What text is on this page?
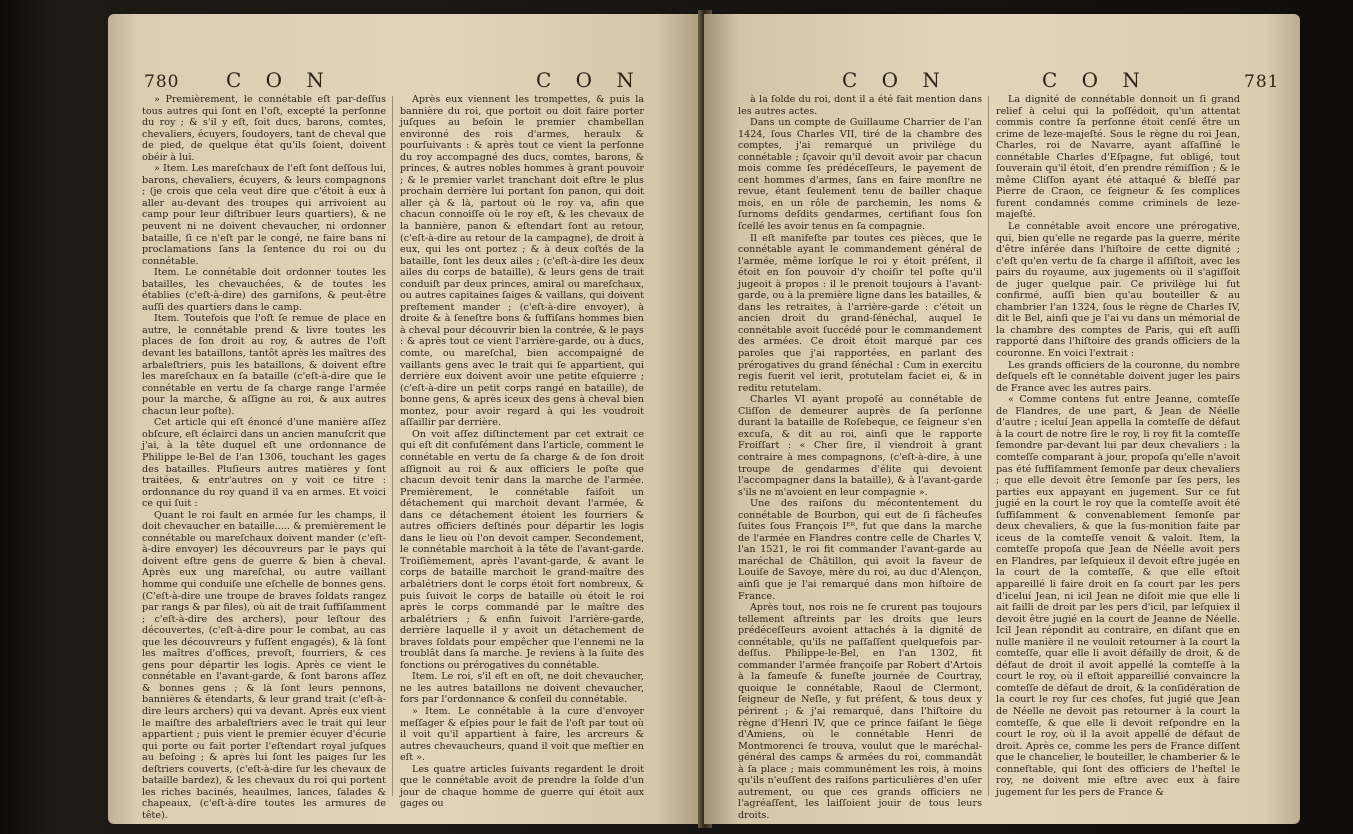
780 C O N	C O N

» Premièrement, le connétable eſt par-deſſus tous autres qui ſont en l'oſt, excepté la perſonne du roy ; & s'il y eſt, ſoit ducs, barons, comtes, chevaliers, écuyers, ſoudoyers, tant de cheval que de pied, de quelque état qu'ils ſoient, doivent obéir à lui.

» Item. Les mareſchaux de l'eſt ſont deſſous lui, barons, chevaliers, écuyers, & leurs compagnons ; (je crois que cela veut dire que c'étoit à eux à aller au-devant des troupes qui arrivoient au camp pour leur diſtribuer leurs quartiers), & ne peuvent ni ne doivent chevaucher, ni ordonner bataille, ſi ce n'eſt par le congé, ne faire bans ni proclamations ſans la ſentence du roi ou du connétable.

Item. Le connétable doit ordonner toutes les batailles, les chevauchées, & de toutes les établies (c'eſt-à-dire) des garniſons, & peut-être auſſi des quartiers dans le camp.

Item. Toutefois que l'oſt ſe remue de place en autre, le connétable prend & livre toutes les places de ſon droit au roy, & autres de l'oſt devant les bataillons, tantôt après les maîtres des arbaleſtriers, puis les bataillons, & doivent eſtre les mareſchaux en ſa bataille (c'eſt-à-dire que le connétable en vertu de ſa charge range l'armée pour la marche, & aſſigne au roi, & aux autres chacun leur poſte).

Cet article qui eſt énoncé d'une manière aſſez obſcure, eſt éclairci dans un ancien manuſcrit que j'ai, à la tête duquel eſt une ordonnance de Philippe le-Bel de l'an 1306, touchant les gages des batailles. Pluſieurs autres matières y ſont traitées, & entr'autres on y voit ce titre : ordonnance du roy quand il va en armes. Et voici ce qui ſuit :

Quant le roi fault en armée ſur les champs, il doit chevaucher en bataille..... & premièrement le connétable ou mareſchaux doivent mander (c'eſt-à-dire envoyer) les découvreurs par le pays qui doivent eſtre gens de guerre & bien à cheval. Après eux ung mareſchal, ou autre vaillant homme qui conduiſe une eſchelle de bonnes gens. (C'eſt-à-dire une troupe de braves ſoldats rangez par rangs & par files), où ait de trait ſuffiſamment ; c'eſt-à-dire des archers), pour leſtour des découvertes, (c'eſt-à-dire pour le combat, au cas que les découvreurs y fuſſent engagés), & là ſont les maîtres d'offices, prevoſt, fourriers, & ces gens pour départir les logis. Après ce vient le connétable en l'avant-garde, & ſont barons aſſez & bonnes gens ; & là ſont leurs pennons, bannières & étendarts, & leur grand trait (c'eſt-à-dire leurs archers) qui va devant. Après eux vient le maiſtre des arbaleſtriers avec le trait qui leur appartient ; puis vient le premier écuyer d'écurie qui porte ou fait porter l'eſtendart royal juſques au beſoing ; & après lui ſont les paiges ſur les deſtriers couverts, (c'eſt-à-dire ſur les chevaux de bataille bardez), & les chevaux du roi qui portent les riches bacinés, heaulmes, lances, ſalades & chapeaux, (c'eſt-à-dire toutes les armures de tête).

Après eux viennent les trompettes, & puis la bannière du roi, que portoit ou doit faire porter juſques au beſoin le premier chambellan environné des rois d'armes, heraulx & pourſuivants : & après tout ce vient la perſonne du roy accompagné des ducs, comtes, barons, & princes, & autres nobles hommes à grant pouvoir ; & le premier varlet tranchant doit eſtre le plus prochain derrière lui portant ſon panon, qui doit aller çà & là, partout où le roy va, afin que chacun connoiſſe où le roy eſt, & les chevaux de la bannière, panon & eſtendart ſont au retour, (c'eſt-à-dire au retour de la campagne), de droit à eux, qui les ont portez ; & à deux coſtés de la bataille, ſont les deux ailes ; (c'eſt-à-dire les deux ailes du corps de bataille), & leurs gens de trait conduiſt par deux princes, amiral ou mareſchaux, ou autres capitaines ſaiges & vaillans, qui doivent preſtement mander ; (c'eſt-à-dire envoyer), à droite & à ſeneſtre bons & ſuffiſans hommes bien à cheval pour découvrir bien la contrée, & le pays : & après tout ce vient l'arrière-garde, ou à ducs, comte, ou mareſchal, bien accompaigné de vaillants gens avec le trait qui ſe appartient, qui derrière eux doivent avoir une petite eſquierre ; (c'eſt-à-dire un petit corps rangé en bataille), de bonne gens, & après iceux des gens à cheval bien montez, pour avoir regard à qui les voudroit aſſaillir par derrière.

On voit aſſez diſtinctement par cet extrait ce qui eſt dit confuſément dans l'article, comment le connétable en vertu de ſa charge & de ſon droit aſſignoit au roi & aux officiers le poſte que chacun devoit tenir dans la marche de l'armée. Premièrement, le connétable faiſoit un détachement qui marchoit devant l'armée, & dans ce détachement étoient les fourriers & autres officiers deſtinés pour départir les logis dans le lieu où l'on devoit camper. Secondement, le connétable marchoit à la tête de l'avant-garde. Troiſièmement, après l'avant-garde, & avant le corps de bataille marchoit le grand-maître des arbalétriers dont le corps étoit fort nombreux, & puis ſuivoit le corps de bataille où étoit le roi après le corps commandé par le maître des arbalétriers ; & enfin ſuivoit l'arrière-garde, derrière laquelle il y avoit un détachement de braves ſoldats pour empêcher que l'ennemi ne la troublât dans ſa marche. Je reviens à la ſuite des fonctions ou prérogatives du connétable.

Item. Le roi, s'il eſt en oſt, ne doit chevaucher, ne les autres bataillons ne doivent chevaucher, fors par l'ordonnance & conſeil du connétable.

» Item. Le connétable à la cure d'envoyer meſſager & eſpies pour le fait de l'oſt par tout où il voit qu'il appartient à faire, les arcreurs & autres chevaucheurs, quand il voit que meſtier en eſt ».

Les quatre articles ſuivants regardent le droit que le connétable avoit de prendre la ſolde d'un jour de chaque homme de guerre qui étoit aux gages ou

C O N	C O N	781

à la ſolde du roi, dont il a été fait mention dans les autres actes.

Dans un compte de Guillaume Charrier de l'an 1424, ſous Charles VII, tiré de la chambre des comptes, j'ai remarqué un privilège du connétable ; ſçavoir qu'il devoit avoir par chacun mois comme ſes prédéceſſeurs, le payement de cent hommes d'armes, ſans en faire monſtre ne revue, étant ſeulement tenu de bailler chaque mois, en un rôle de parchemin, les noms & ſurnoms deſdits gendarmes, certifiant ſous ſon ſcellé les avoir tenus en ſa compagnie.

Il eſt manifeſte par toutes ces pièces, que le connétable ayant le commandement général de l'armée, même lorſque le roi y étoit préſent, il étoit en ſon pouvoir d'y choiſir tel poſte qu'il jugeoit à propos : il le prenoit toujours à l'avant-garde, ou à la première ligne dans les batailles, & dans les retraites, à l'arrière-garde : c'étoit un ancien droit du grand-ſénéchal, auquel le connétable avoit ſuccédé pour le commandement des armées. Ce droit étoit marqué par ces paroles que j'ai rapportées, en parlant des prérogatives du grand ſénéchal : Cum in exercitu regis fuerit vel ierit, protutelam faciet ei, & in reditu retutelam.

Charles VI ayant propoſé au connétable de Cliſſon de demeurer auprès de ſa perſonne durant la bataille de Roſebeque, ce ſeigneur s'en excuſa, & dit au roi, ainſi que le rapporte Froiſſart : « Cher ſire, il viendroit à grant contraire à mes compagnons, (c'eſt-à-dire, à une troupe de gendarmes d'élite qui devoient l'accompagner dans la bataille), & à l'avant-garde s'ils ne m'avoient en leur compagnie ».

Une des raiſons du mécontentement du connétable de Bourbon, qui eut de ſi fâcheuſes ſuites ſous François Iᴱᴿ, fut que dans la marche de l'armée en Flandres contre celle de Charles V, l'an 1521, le roi fit commander l'avant-garde au maréchal de Châtillon, qui avoit la faveur de Louiſe de Savoye, mère du roi, au duc d'Alençon, ainſi que je l'ai remarqué dans mon hiſtoire de France.

Après tout, nos rois ne ſe crurent pas toujours tellement aſtreints par les droits que leurs prédéceſſeurs avoient attachés à la dignité de connétable, qu'ils ne paſſaſſent quelquefois par-deſſus. Philippe-le-Bel, en l'an 1302, fit commander l'armée françoiſe par Robert d'Artois à la fameuſe & funeſte journée de Courtray, quoique le connétable, Raoul de Clermont, ſeigneur de Neſle, y fut préſent, & tous deux y périrent ; & j'ai remarqué, dans l'hiſtoire du règne d'Henri IV, que ce prince faiſant le ſiège d'Amiens, où le connétable Henri de Montmorenci ſe trouva, voulut que le maréchal-général des camps & armées du roi, commandât à ſa place ; mais communément les rois, à moins qu'ils n'euſſent des raiſons particulières d'en uſer autrement, ou que ces grands officiers ne l'agréaſſent, les laiſſoient jouir de tous leurs droits.

La dignité de connétable donnoit un ſi grand relief à celui qui la poſſédoit, qu'un attentat commis contre ſa perſonne étoit cenſé être un crime de leze-majeſté. Sous le règne du roi Jean, Charles, roi de Navarre, ayant aſſaſſiné le connétable Charles d'Eſpagne, fut obligé, tout ſouverain qu'il étoit, d'en prendre rémiſſion ; & le même Cliſſon ayant été attaqué & bleſſé par Pierre de Craon, ce ſeigneur & ſes complices furent condamnés comme criminels de leze-majeſté.

Le connétable avoit encore une prérogative, qui, bien qu'elle ne regarde pas la guerre, mérite d'être inſérée dans l'hiſtoire de cette dignité ; c'eſt qu'en vertu de ſa charge il aſſiſtoit, avec les pairs du royaume, aux jugements où il s'agiſſoit de juger quelque pair. Ce privilège lui fut confirmé, auſſi bien qu'au bouteiller & au chambrier l'an 1324, ſous le règne de Charles IV, dit le Bel, ainſi que je l'ai vu dans un mémorial de la chambre des comptes de Paris, qui eſt auſſi rapporté dans l'hiſtoire des grands officiers de la couronne. En voici l'extrait :

Les grands officiers de la couronne, du nombre deſquels eſt le connétable doivent juger les pairs de France avec les autres pairs.

« Comme contens fut entre Jeanne, comteſſe de Flandres, de une part, & Jean de Néelle d'autre ; iceluí Jean appella la comteſſe de défaut à la court de notre ſire le roy, li roy fit la comteſſe ſemondre par-devant lui par deux chevaliers : la comteſſe comparant à jour, propoſa qu'elle n'avoit pas été ſuffiſamment ſemonſe par deux chevaliers ; que elle devoit être ſemonſe par ſes pers, les parties eux appayant en jugement. Sur ce fut jugié en la court le roy que la comteſſe avoit été ſuffiſamment & convenablement ſemonſe par deux chevaliers, & que la ſus-monition faite par iceus de la comteſſe venoit & valoit. Item, la comteſſe propoſa que Jean de Néelle avoit pers en Flandres, par leſquieux il devoit eſtre jugée en la court de la comteſſe, & que elle eſtoit appareillé li faire droit en ſa court par les pers d'iceluí Jean, ni icil Jean ne diſoit mie que elle li ait failli de droit par les pers d'icil, par leſquiex il devoit être jugié en la court de Jeanne de Néelle. Icil Jean répondit au contraire, en diſant que en nulle manière il ne vouloit retourner à la court la comteſſe, quar elle li avoit défailly de droit, & de défaut de droit il avoit appellé la comteſſe à la court le roy, où il eſtoit appareillié convaincre la comteſſe de défaut de droit, & la conſidération de la court le roy ſur ces choſes, fut jugié que Jean de Néelle ne devoit pas retourner à la court la comteſſe, & que elle li devoit reſpondre en la court le roy, où il la avoit appellé de défaut de droit. Après ce, comme les pers de France diſſent que le chancelier, le bouteiller, le chamberier & le conneſtable, qui ſont des officiers de l'heſtel le roy, ne doivent mie eſtre avec eux à faire jugement ſur les pers de France &
